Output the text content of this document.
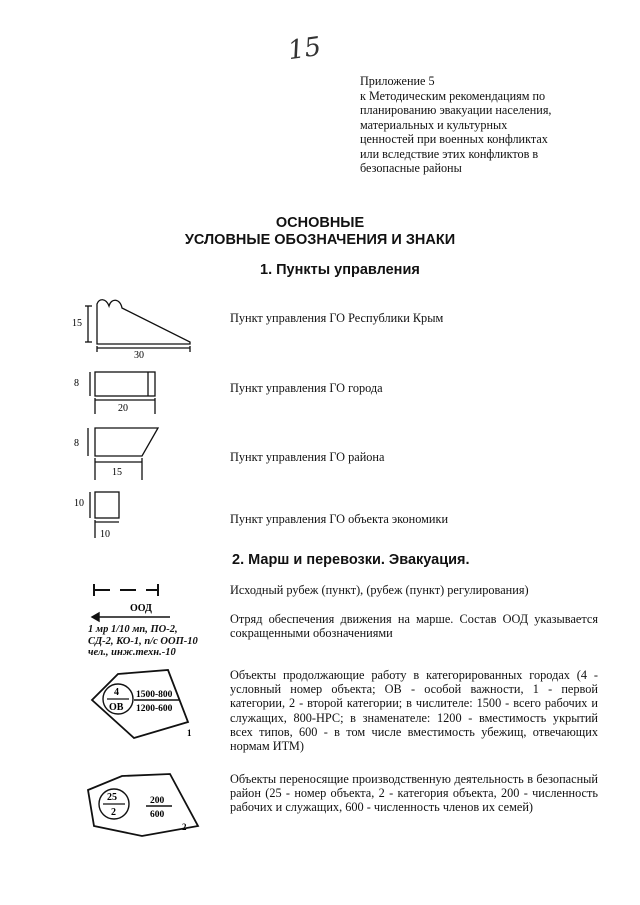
15
Приложение 5
к Методическим рекомендациям по
планированию эвакуации населения,
материальных и культурных
ценностей при военных конфликтах
или вследствие этих конфликтов в
безопасные районы
ОСНОВНЫЕ
УСЛОВНЫЕ ОБОЗНАЧЕНИЯ И ЗНАКИ
1. Пункты управления
15
30
Пункт управления ГО Республики Крым
8
20
Пункт управления ГО города
8
15
Пункт управления ГО района
10
10
Пункт управления ГО объекта экономики
2. Марш и перевозки. Эвакуация.
Исходный рубеж (пункт), (рубеж (пункт) регулирования)
ООД
1 мр 1/10 мп, ПО-2,
СД-2, КО-1, п/с ООП-10
чел., инж.техн.-10
Отряд обеспечения движения на марше. Состав ООД указывается сокращенными обозначениями
4
ОВ
1500-800
1200-600
1
Объекты продолжающие работу в категорированных городах (4 - условный номер объекта; ОВ - особой важности, 1 - первой категории, 2 - второй категории; в числителе: 1500 - всего рабочих и служащих, 800-НРС; в знаменателе: 1200 - вместимость укрытий всех типов, 600 - в том числе вместимость убежищ, отвечающих нормам ИТМ)
25
2
200
600
2
Объекты переносящие производственную деятельность в безопасный район (25 - номер объекта, 2 - категория объекта, 200 - численность рабочих и служащих, 600 - численность членов их семей)
